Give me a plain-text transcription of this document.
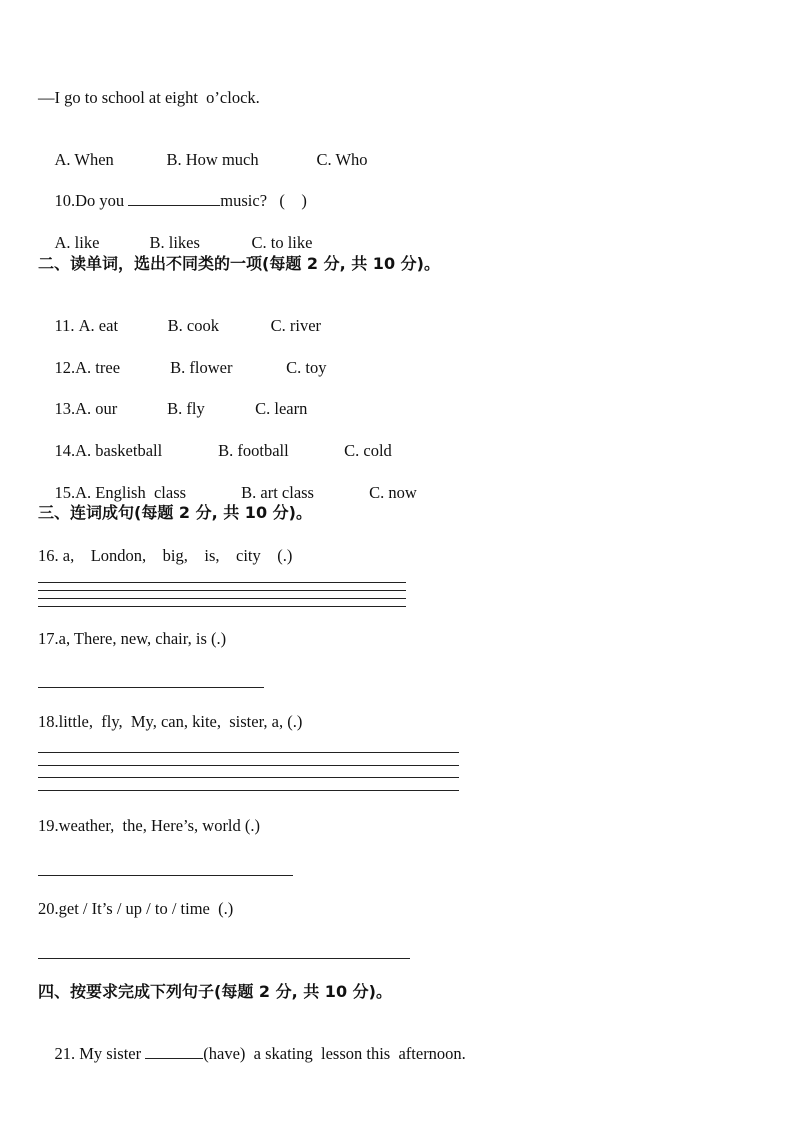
—I go to school at eight  o’clock.

A. When	B. How much	C. Who

10.Do you	music?   (    )

A. like	B. likes	C. to like

二、读单词，选出不同类的一项(每题 2 分, 共 10 分)。

11. A. eat	B. cook	C. river

12.A. tree	B. flower	C. toy

13.A. our	B. fly	C. learn

14.A. basketball	B. football	C. cold

15.A. English  class	B. art class	C. now

三、连词成句(每题 2 分, 共 10 分)。
16. a,    London,    big,    is,    city    (.)
17.a, There, new, chair, is (.)
18.little,  fly,  My, can, kite,  sister, a, (.)
19.weather,  the, Here’s, world (.)
20.get / It’s / up / to / time  (.)
四、按要求完成下列句子(每题 2 分, 共 10 分)。

21. My sister	(have)  a skating  lesson this  afternoon.
